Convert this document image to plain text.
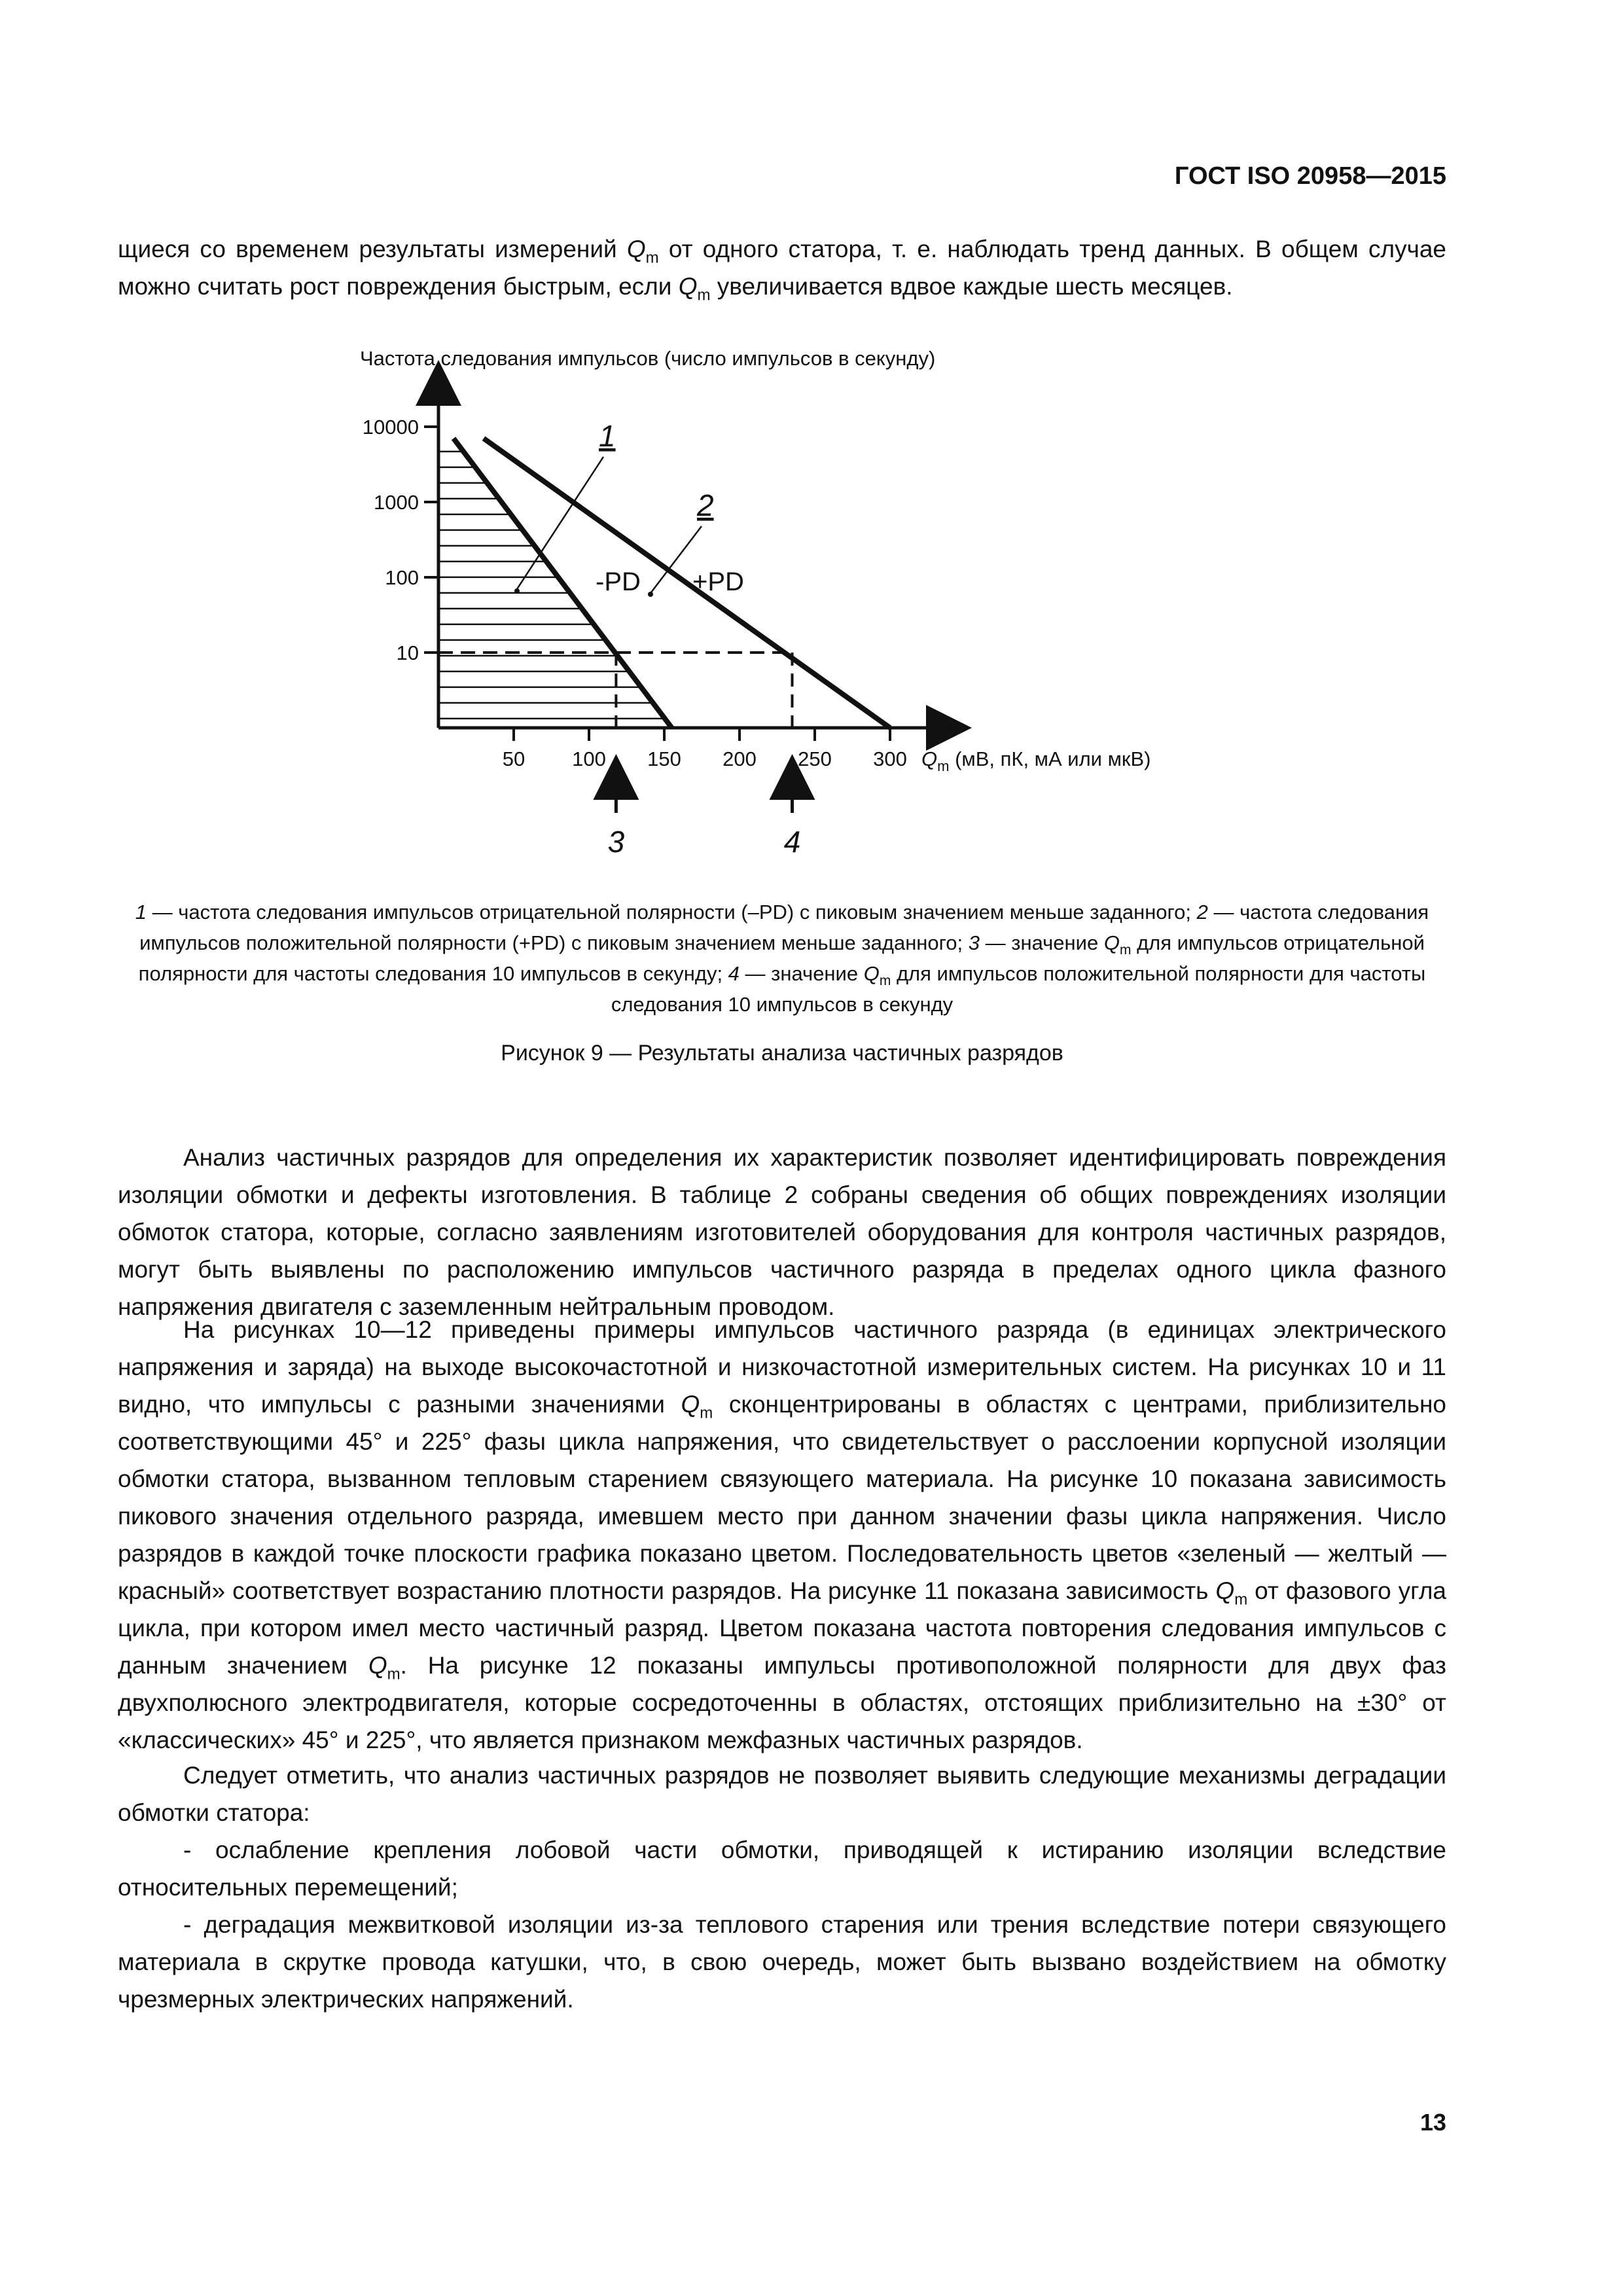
ГОСТ ISO 20958—2015

щиеся со временем результаты измерений $Q_m$ от одного статора, т. е. наблюдать тренд данных. В общем случае можно считать рост повреждения быстрым, если $Q_m$ увеличивается вдвое каждые шесть месяцев.

Частота следования импульсов (число импульсов в секунду)
10000
1000
100
10
50 100 150 200 250 300
3	4
-PD +PD
1
2
$Q_m$ (мВ, пК, мА или мкВ)
1 — частота следования импульсов отрицательной полярности (–PD) с пиковым значением меньше заданного; 2 — частота следования импульсов положительной полярности (+PD) с пиковым значением меньше заданного; 3 — значение $Q_m$ для импульсов отрицательной полярности для частоты следования 10 импульсов в секунду; 4 — значение $Q_m$ для импульсов положительной полярности для частоты следования 10 импульсов в секунду
Рисунок 9 — Результаты анализа частичных разрядов

Анализ частичных разрядов для определения их характеристик позволяет идентифицировать повреждения изоляции обмотки и дефекты изготовления. В таблице 2 собраны сведения об общих повреждениях изоляции обмоток статора, которые, согласно заявлениям изготовителей оборудования для контроля частичных разрядов, могут быть выявлены по расположению импульсов частичного разряда в пределах одного цикла фазного напряжения двигателя с заземленным нейтральным проводом.

На рисунках 10—12 приведены примеры импульсов частичного разряда (в единицах электрического напряжения и заряда) на выходе высокочастотной и низкочастотной измерительных систем. На рисунках 10 и 11 видно, что импульсы с разными значениями $Q_m$ сконцентрированы в областях с центрами, приблизительно соответствующими 45° и 225° фазы цикла напряжения, что свидетельствует о расслоении корпусной изоляции обмотки статора, вызванном тепловым старением связующего материала. На рисунке 10 показана зависимость пикового значения отдельного разряда, имевшем место при данном значении фазы цикла напряжения. Число разрядов в каждой точке плоскости графика показано цветом. Последовательность цветов «зеленый — желтый — красный» соответствует возрастанию плотности разрядов. На рисунке 11 показана зависимость $Q_m$ от фазового угла цикла, при котором имел место частичный разряд. Цветом показана частота повторения следования импульсов с данным значением $Q_m$. На рисунке 12 показаны импульсы противоположной полярности для двух фаз двухполюсного электродвигателя, которые сосредоточенны в областях, отстоящих приблизительно на ±30° от «классических» 45° и 225°, что является признаком межфазных частичных разрядов.

Следует отметить, что анализ частичных разрядов не позволяет выявить следующие механизмы деградации обмотки статора:

- ослабление крепления лобовой части обмотки, приводящей к истиранию изоляции вследствие относительных перемещений;

- деградация межвитковой изоляции из-за теплового старения или трения вследствие потери связующего материала в скрутке провода катушки, что, в свою очередь, может быть вызвано воздействием на обмотку чрезмерных электрических напряжений.

13
